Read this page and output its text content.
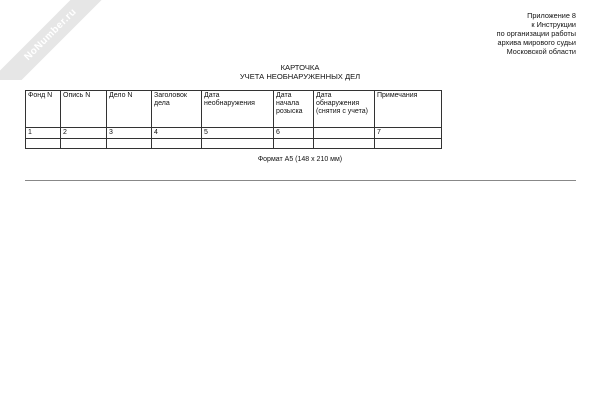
NoNumber.ru	Приложение 8
к Инструкции
по организации работы
архива мирового судьи
Московской области
КАРТОЧКА
УЧЕТА НЕОБНАРУЖЕННЫХ ДЕЛ
Фонд N	Опись N	Дело N	Заголовок дела	Дата необнаружения	Дата начала розыска	Дата обнаружения (снятия с учета)	Примечания
1	2	3	4	5	6		7

Формат А5 (148 x 210 мм)
